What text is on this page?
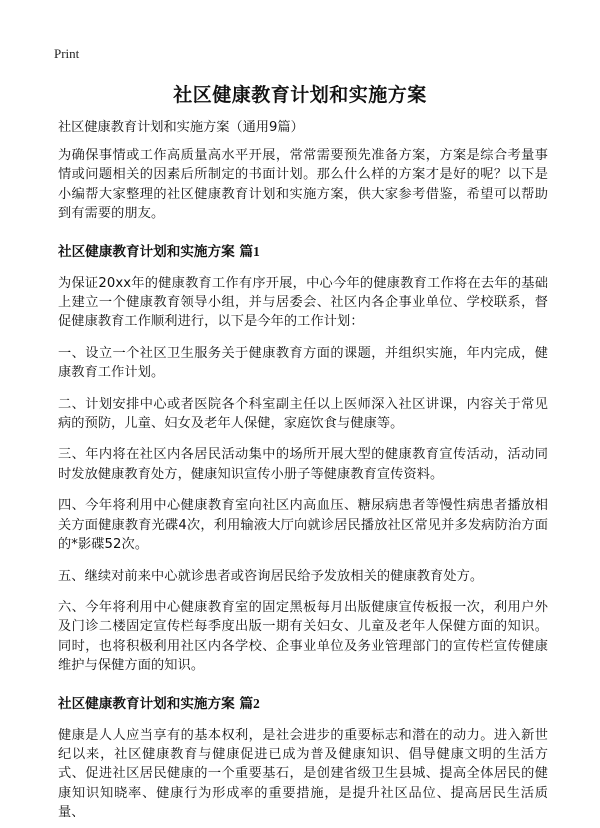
Print
社区健康教育计划和实施方案
社区健康教育计划和实施方案（通用9篇）

为确保事情或工作高质量高水平开展，常常需要预先准备方案，方案是综合考量事情或问题相关的因素后所制定的书面计划。那么什么样的方案才是好的呢？以下是小编帮大家整理的社区健康教育计划和实施方案，供大家参考借鉴，希望可以帮助到有需要的朋友。

社区健康教育计划和实施方案 篇1

为保证20xx年的健康教育工作有序开展，中心今年的健康教育工作将在去年的基础上建立一个健康教育领导小组，并与居委会、社区内各企事业单位、学校联系，督促健康教育工作顺利进行，以下是今年的工作计划：

一、设立一个社区卫生服务关于健康教育方面的课题，并组织实施，年内完成，健康教育工作计划。

二、计划安排中心或者医院各个科室副主任以上医师深入社区讲课，内容关于常见病的预防，儿童、妇女及老年人保健，家庭饮食与健康等。

三、年内将在社区内各居民活动集中的场所开展大型的健康教育宣传活动，活动同时发放健康教育处方，健康知识宣传小册子等健康教育宣传资料。

四、今年将利用中心健康教育室向社区内高血压、糖尿病患者等慢性病患者播放相关方面健康教育光碟4次，利用输液大厅向就诊居民播放社区常见并多发病防治方面的*影碟52次。

五、继续对前来中心就诊患者或咨询居民给予发放相关的健康教育处方。

六、今年将利用中心健康教育室的固定黑板每月出版健康宣传板报一次，利用户外及门诊二楼固定宣传栏每季度出版一期有关妇女、儿童及老年人保健方面的知识。同时，也将积极利用社区内各学校、企事业单位及务业管理部门的宣传栏宣传健康维护与保健方面的知识。

社区健康教育计划和实施方案 篇2

健康是人人应当享有的基本权利，是社会进步的重要标志和潜在的动力。进入新世纪以来，社区健康教育与健康促进已成为普及健康知识、倡导健康文明的生活方式、促进社区居民健康的一个重要基石，是创建省级卫生县城、提高全体居民的健康知识知晓率、健康行为形成率的重要措施，是提升社区品位、提高居民生活质量、
